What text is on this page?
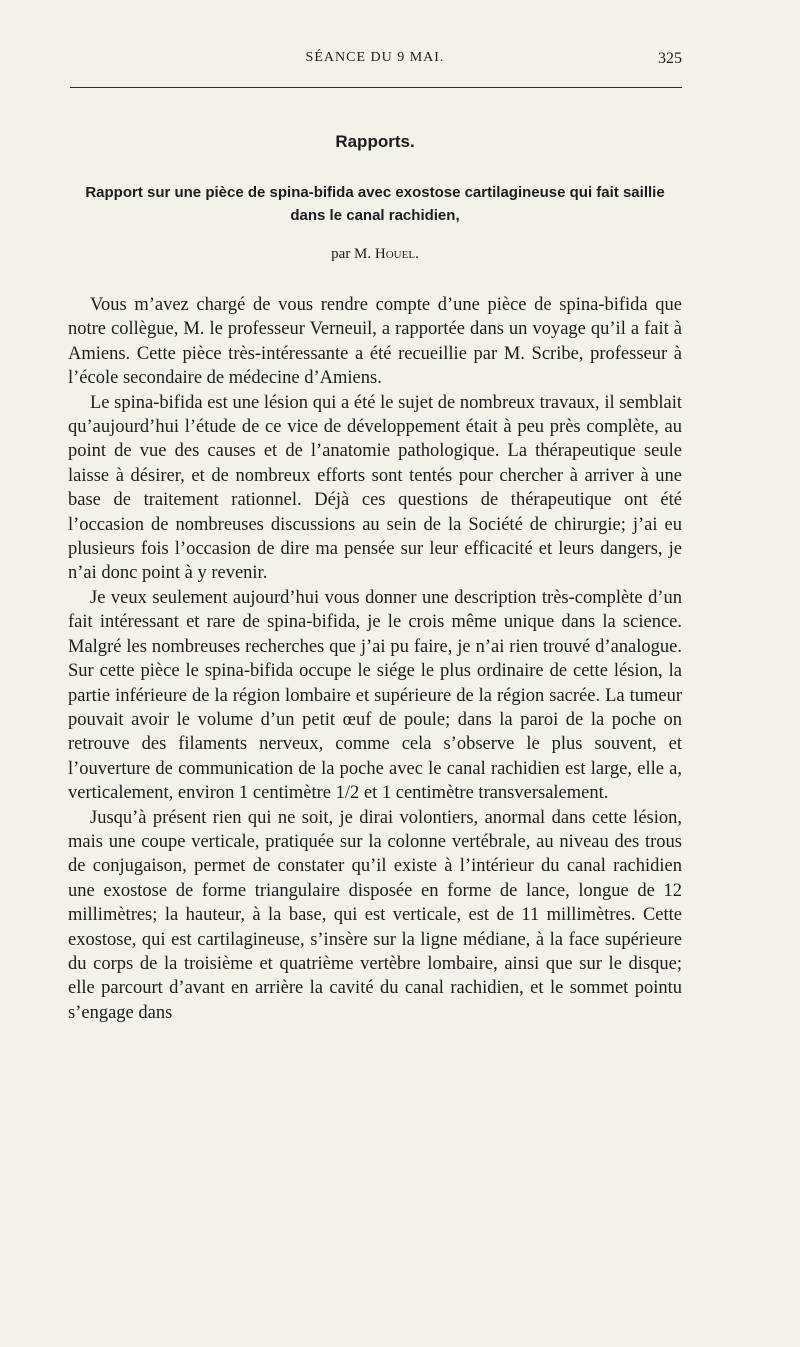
SÉANCE DU 9 MAI.	325
Rapports.
Rapport sur une pièce de spina-bifida avec exostose cartilagineuse qui fait saillie dans le canal rachidien,
par M. Houel.

Vous m’avez chargé de vous rendre compte d’une pièce de spina-bifida que notre collègue, M. le professeur Verneuil, a rapportée dans un voyage qu’il a fait à Amiens. Cette pièce très-intéressante a été recueillie par M. Scribe, professeur à l’école secondaire de médecine d’Amiens.

Le spina-bifida est une lésion qui a été le sujet de nombreux travaux, il semblait qu’aujourd’hui l’étude de ce vice de développement était à peu près complète, au point de vue des causes et de l’anatomie pathologique. La thérapeutique seule laisse à désirer, et de nombreux efforts sont tentés pour chercher à arriver à une base de traitement rationnel. Déjà ces questions de thérapeutique ont été l’occasion de nombreuses discussions au sein de la Société de chirurgie; j’ai eu plusieurs fois l’occasion de dire ma pensée sur leur efficacité et leurs dangers, je n’ai donc point à y revenir.

Je veux seulement aujourd’hui vous donner une description très-complète d’un fait intéressant et rare de spina-bifida, je le crois même unique dans la science. Malgré les nombreuses recherches que j’ai pu faire, je n’ai rien trouvé d’analogue. Sur cette pièce le spina-bifida occupe le siége le plus ordinaire de cette lésion, la partie inférieure de la région lombaire et supérieure de la région sacrée. La tumeur pouvait avoir le volume d’un petit œuf de poule; dans la paroi de la poche on retrouve des filaments nerveux, comme cela s’observe le plus souvent, et l’ouverture de communication de la poche avec le canal rachidien est large, elle a, verticalement, environ 1 centimètre 1/2 et 1 centimètre transversalement.

Jusqu’à présent rien qui ne soit, je dirai volontiers, anormal dans cette lésion, mais une coupe verticale, pratiquée sur la colonne vertébrale, au niveau des trous de conjugaison, permet de constater qu’il existe à l’intérieur du canal rachidien une exostose de forme triangulaire disposée en forme de lance, longue de 12 millimètres; la hauteur, à la base, qui est verticale, est de 11 millimètres. Cette exostose, qui est cartilagineuse, s’insère sur la ligne médiane, à la face supérieure du corps de la troisième et quatrième vertèbre lombaire, ainsi que sur le disque; elle parcourt d’avant en arrière la cavité du canal rachidien, et le sommet pointu s’engage dans
